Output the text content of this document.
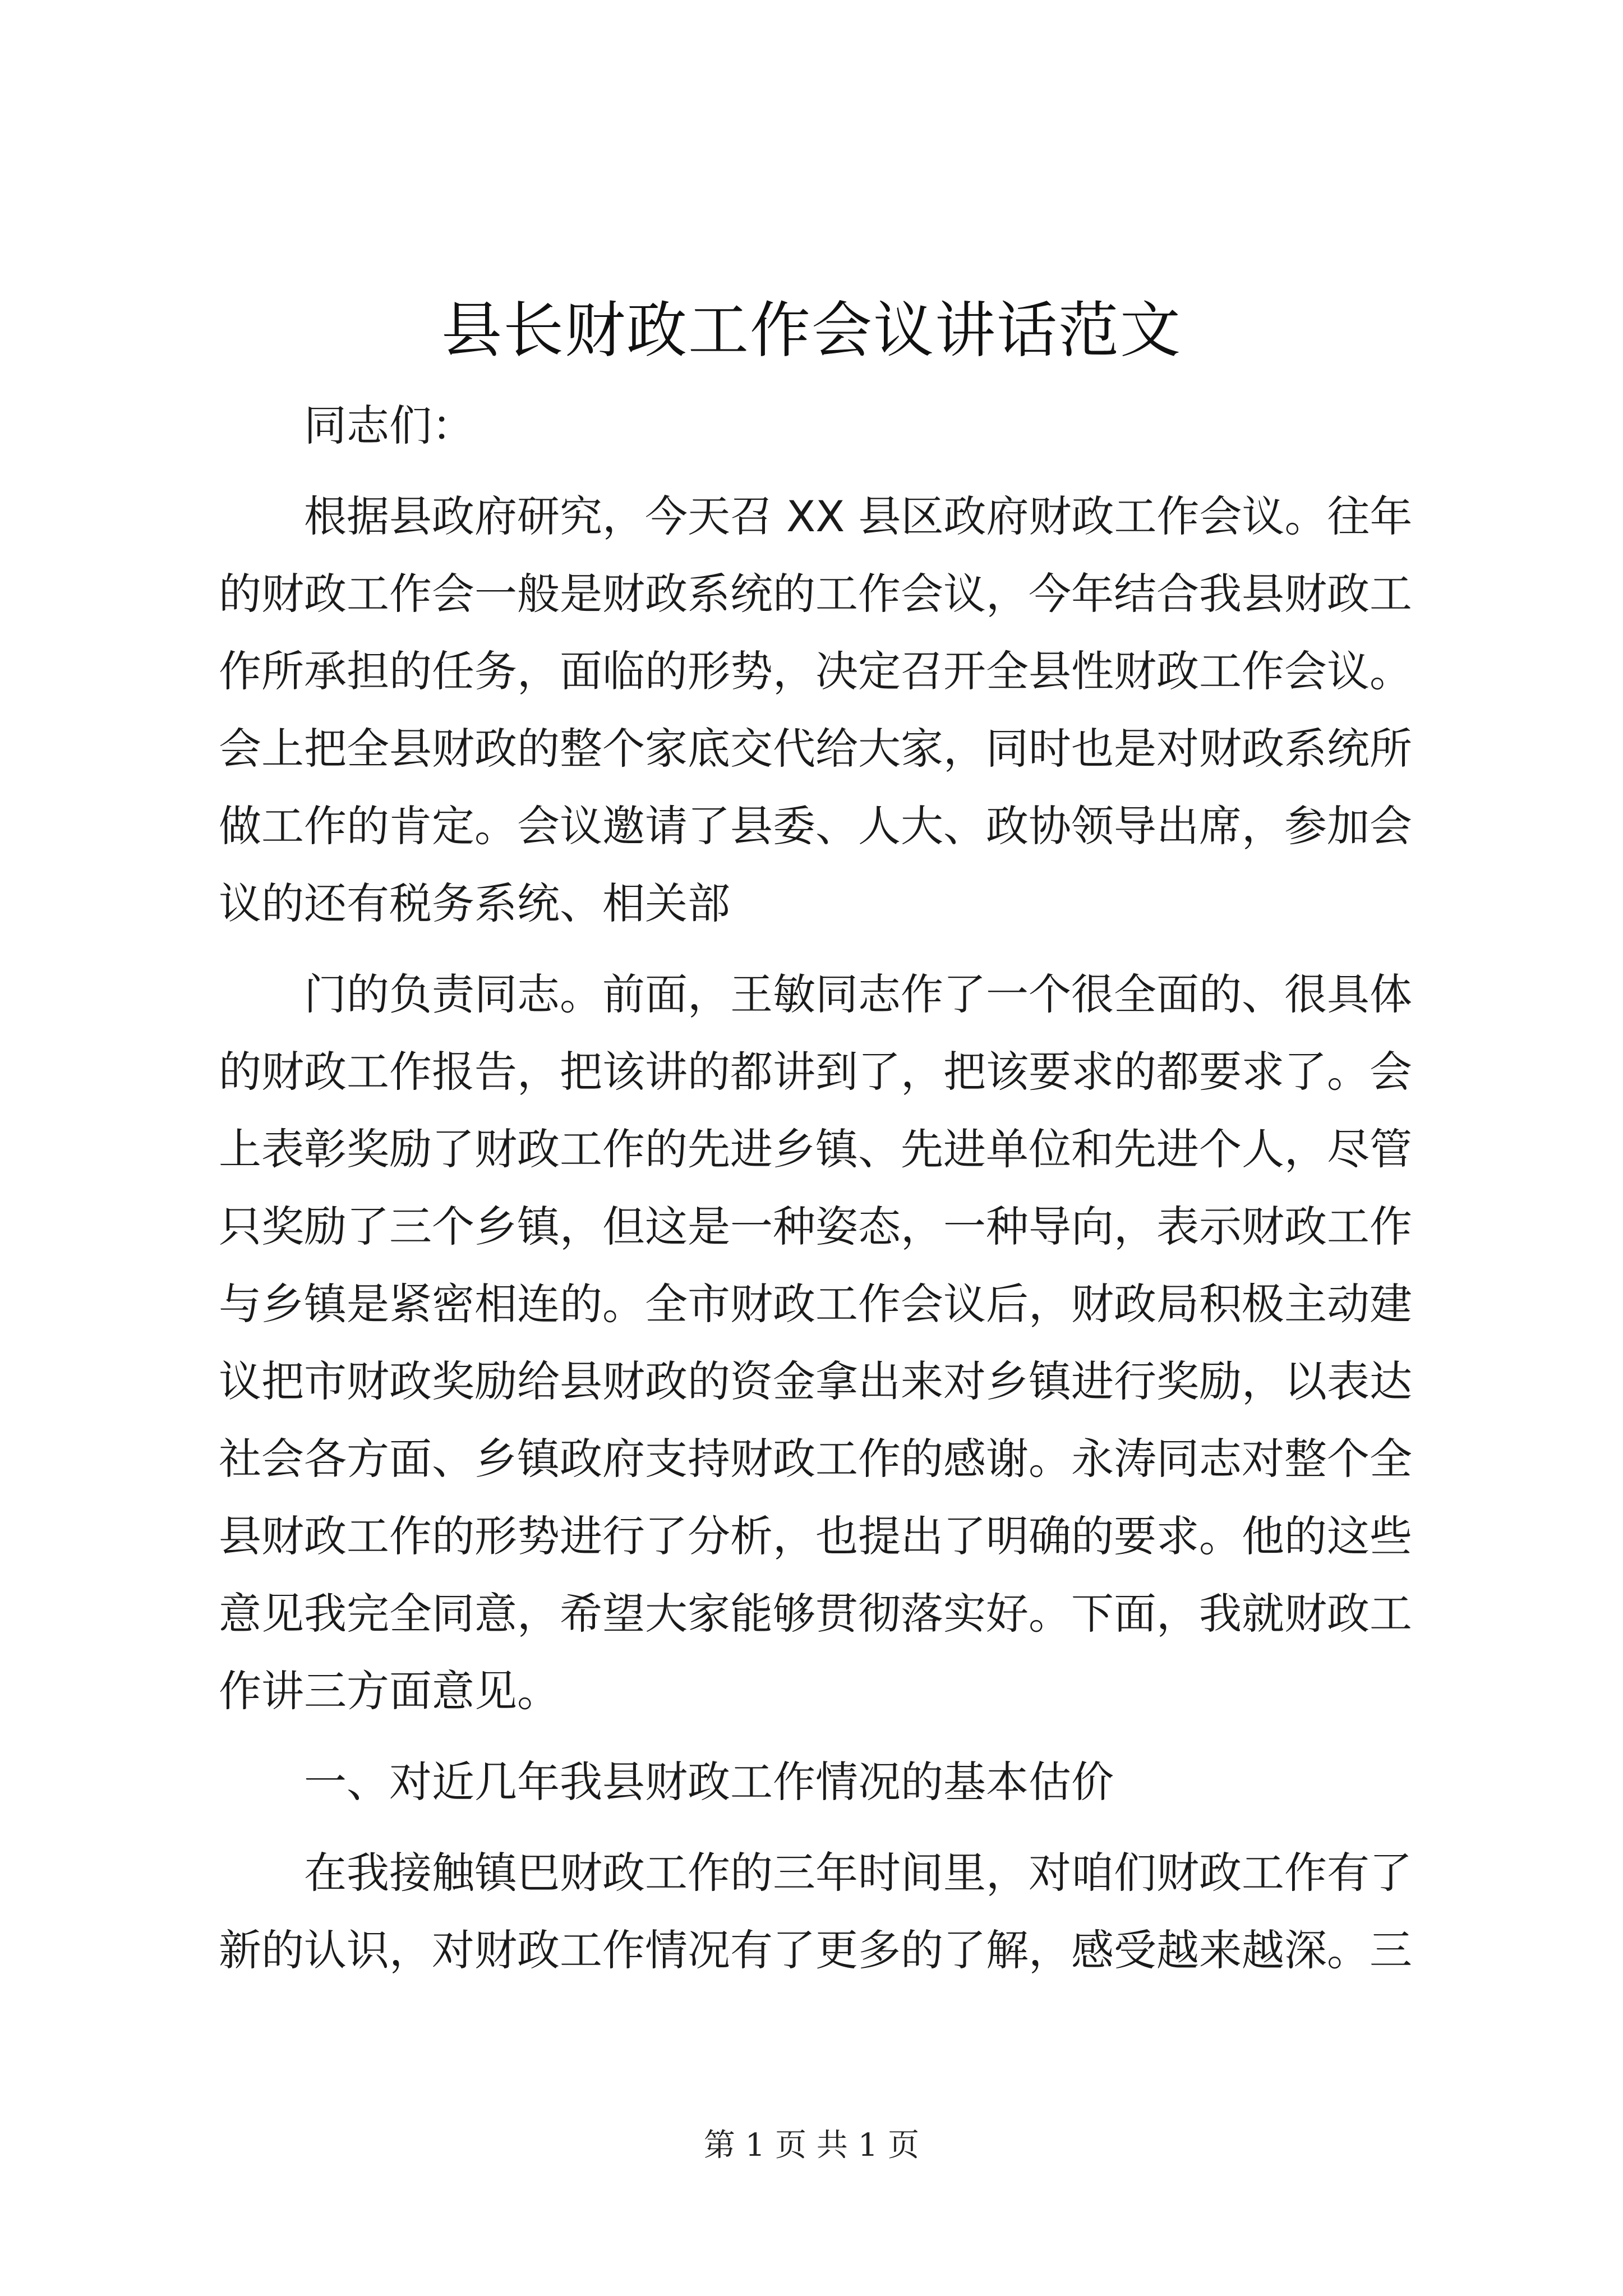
县长财政工作会议讲话范文
同志们：
根据县政府研究，今天召 XX 县区政府财政工作会议。往年
的财政工作会一般是财政系统的工作会议，今年结合我县财政工
作所承担的任务，面临的形势，决定召开全县性财政工作会议。
会上把全县财政的整个家底交代给大家，同时也是对财政系统所
做工作的肯定。会议邀请了县委、人大、政协领导出席，参加会
议的还有税务系统、相关部
门的负责同志。前面，王敏同志作了一个很全面的、很具体
的财政工作报告，把该讲的都讲到了，把该要求的都要求了。会
上表彰奖励了财政工作的先进乡镇、先进单位和先进个人，尽管
只奖励了三个乡镇，但这是一种姿态，一种导向，表示财政工作
与乡镇是紧密相连的。全市财政工作会议后，财政局积极主动建
议把市财政奖励给县财政的资金拿出来对乡镇进行奖励，以表达
社会各方面、乡镇政府支持财政工作的感谢。永涛同志对整个全
县财政工作的形势进行了分析，也提出了明确的要求。他的这些
意见我完全同意，希望大家能够贯彻落实好。下面，我就财政工
作讲三方面意见。
一、对近几年我县财政工作情况的基本估价
在我接触镇巴财政工作的三年时间里，对咱们财政工作有了
新的认识，对财政工作情况有了更多的了解，感受越来越深。三
第 1 页 共 1 页
